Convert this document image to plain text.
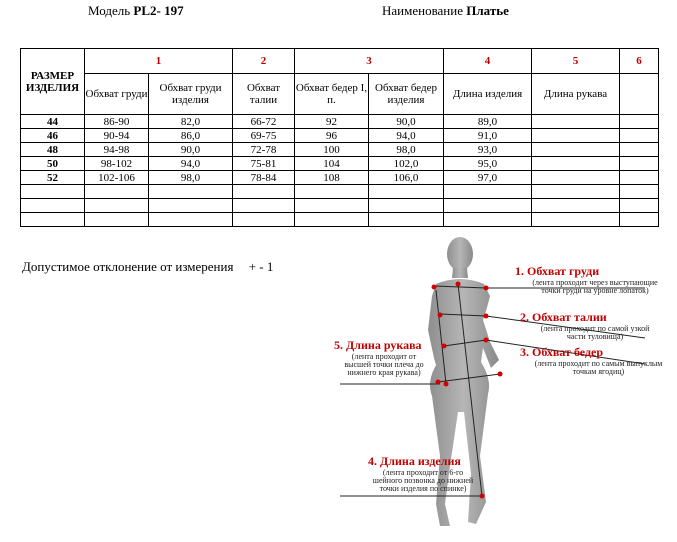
Модель PL2- 197	Наименование Платье
РАЗМЕР ИЗДЕЛИЯ	1		2	3		4	5	6
	Обхват груди	Обхват груди изделия	Обхват талии	Обхват бедер I, п.	Обхват бедер изделия	Длина изделия	Длина рукава	
44	86-90	82,0	66-72	92	90,0	89,0		
46	90-94	86,0	69-75	96	94,0	91,0		
48	94-98	90,0	72-78	100	98,0	93,0		
50	98-102	94,0	75-81	104	102,0	95,0		
52	102-106	98,0	78-84	108	106,0	97,0		

Допустимое отклонение от измерения + - 1	1. Обхват груди
(лента проходит через выступающие
точки груди на уровне лопаток)
2. Обхват талии
(лента проходит по самой узкой
части туловища)
3. Обхват бедер
(лента проходит по самым выпуклым
точкам ягодиц)
4. Длина изделия
(лента проходит от 6-го
шейного позвонка до нижней
точки изделия по спинке)
5. Длина рукава
(лента проходит от
высшей точки плеча до
нижнего края рукава)
